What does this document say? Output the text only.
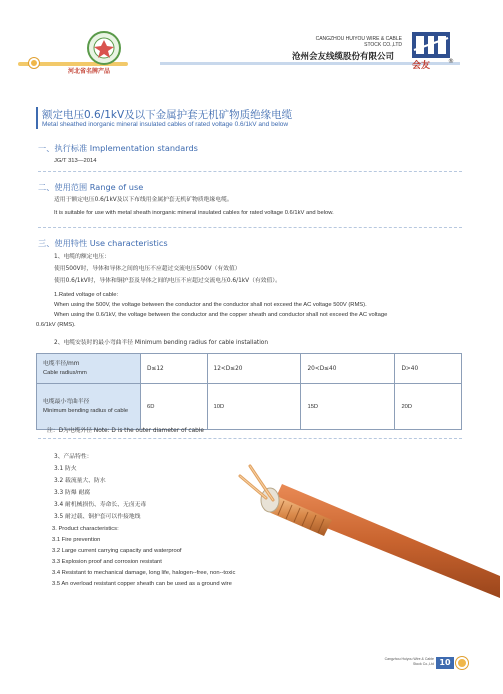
河北省名牌产品
CANGZHOU HUIYOU WIRE & CABLE
STOCK CO.,LTD
沧州会友线缆股份有限公司
会友	®
额定电压0.6/1kV及以下金属护套无机矿物质绝缘电缆
Metal sheathed inorganic mineral insulated cables of rated voltage 0.6/1kV and below
一、执行标准 Implementation standards
JG/T 313—2014
二、使用范围 Range of use
适用于额定电压0.6/1kV及以下布线用金属护套无机矿物质绝缘电缆。
It is suitable for use with metal sheath inorganic mineral insulated cables for rated voltage 0.6/1kV and below.
三、使用特性 Use characteristics
1、电缆的额定电压：
使用500V时，导体和导体之间的电压不应超过交流电压500V（有效值）
使用0.6/1kV时，导体和铜护套及导体之间的电压不应超过交流电压0.6/1kV（有效值）。
1.Rated voltage of cable:
When using the 500V, the voltage between the conductor and the conductor shall not exceed the AC voltage 500V (RMS).
When using the 0.6/1kV, the voltage between the conductor and the copper sheath and conductor shall not exceed the AC voltage
0.6/1kV (RMS).
2、电缆安装时的最小弯曲半径 Minimum bending radius for cable installation
电缆半径/mm
Cable radius/mm	D≤12	12<D≤20	20<D≤40	D>40

电缆最小弯曲半径
Minimum bending radius of cable	6D	10D	15D	20D
注：D为电缆外径 Note: D is the outer diameter of cable
3、产品特性：
3.1 防火
3.2 载流量大、防水
3.3 防爆 耐腐
3.4 耐机械损伤、寿命长、无卤无毒
3.5 耐过载、铜护套可以作接地线
3. Product characteristics:
3.1 Fire prevention
3.2 Large current carrying capacity and waterproof
3.3 Explosion proof and corrosion resistant
3.4 Resistant to mechanical damage, long life, halogen--free, non--toxic
3.5 An overload resistant copper sheath can be used as a ground wire
Cangzhou Huiyou Wire & Cable
Stock Co.,Ltd 10
